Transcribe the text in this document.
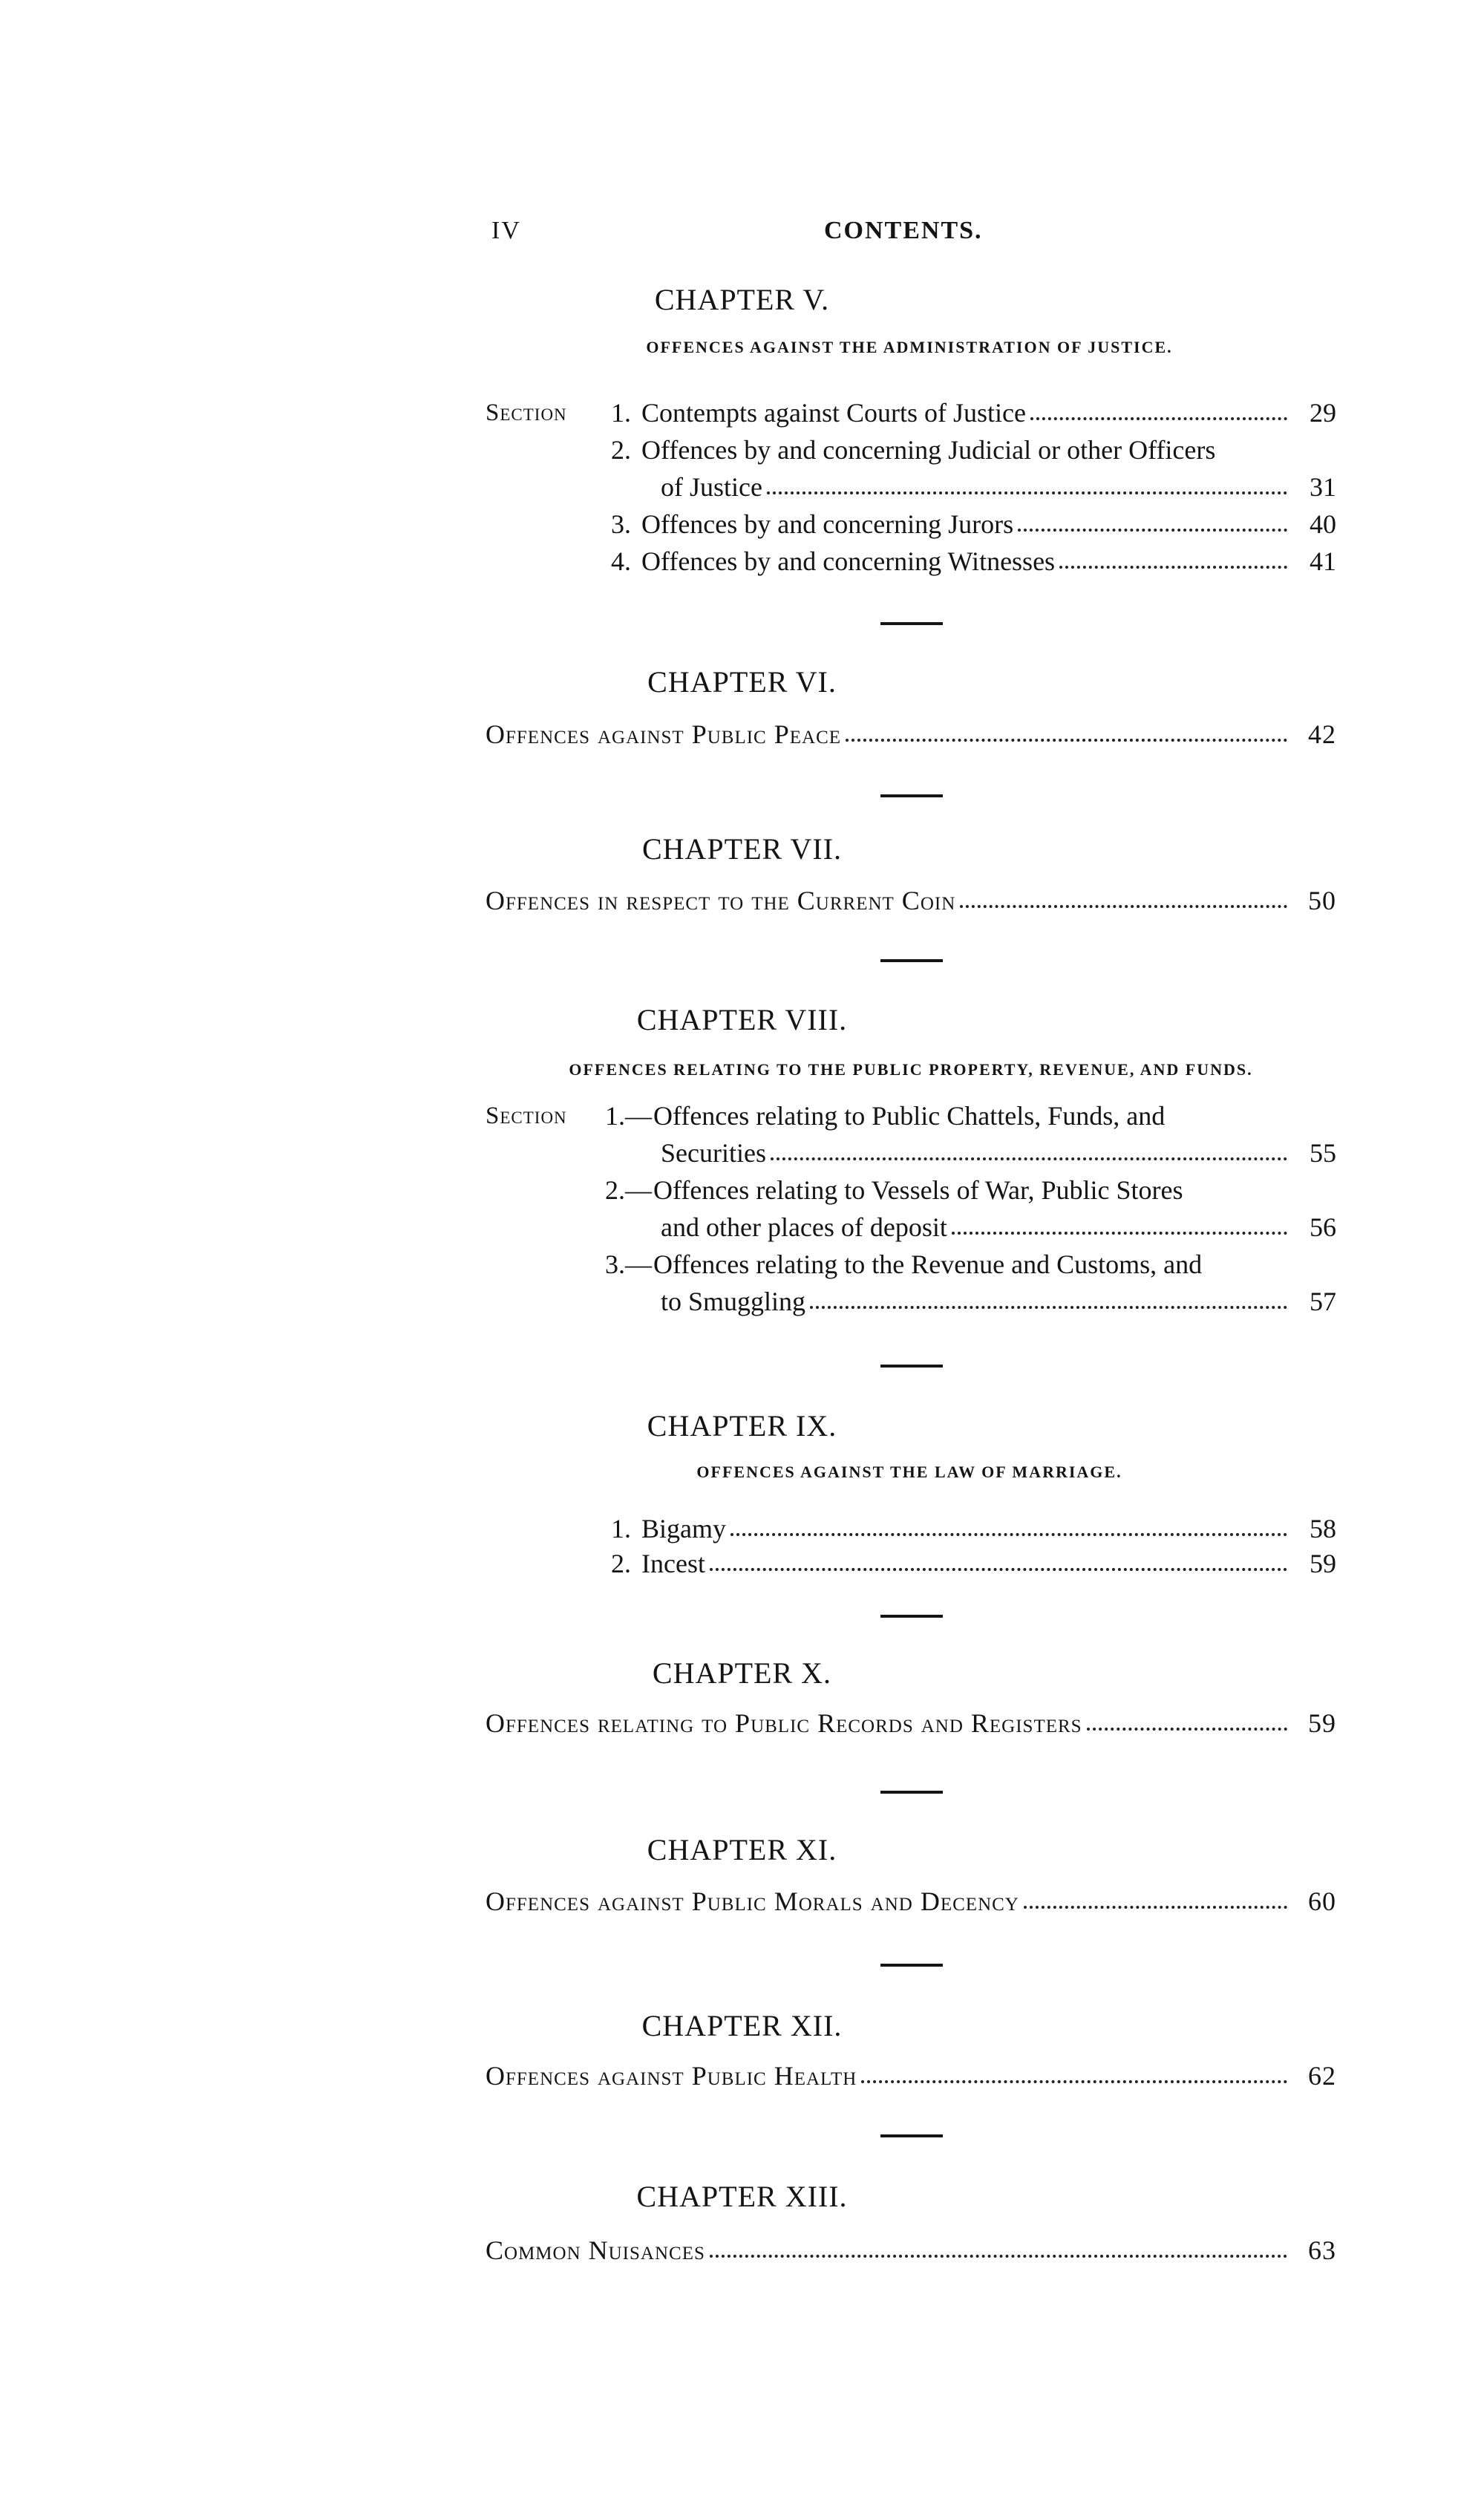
IV	CONTENTS.
CHAPTER V.
OFFENCES AGAINST THE ADMINISTRATION OF JUSTICE.
Section	1. Contempts against Courts of Justice	29
2. Offences by and concerning Judicial or other Officers
of Justice	31
3. Offences by and concerning Jurors	40
4. Offences by and concerning Witnesses	41
CHAPTER VI.
Offences against Public Peace	42
CHAPTER VII.
Offences in respect to the Current Coin	50
CHAPTER VIII.
OFFENCES RELATING TO THE PUBLIC PROPERTY, REVENUE, AND FUNDS.
Section	1.— Offences relating to Public Chattels, Funds, and
Securities	55
2.— Offences relating to Vessels of War, Public Stores
and other places of deposit	56
3.— Offences relating to the Revenue and Customs, and
to Smuggling	57
CHAPTER IX.
OFFENCES AGAINST THE LAW OF MARRIAGE.
1. Bigamy	58
2. Incest	59
CHAPTER X.
Offences relating to Public Records and Registers	59
CHAPTER XI.
Offences against Public Morals and Decency	60
CHAPTER XII.
Offences against Public Health	62
CHAPTER XIII.
Common Nuisances	63
